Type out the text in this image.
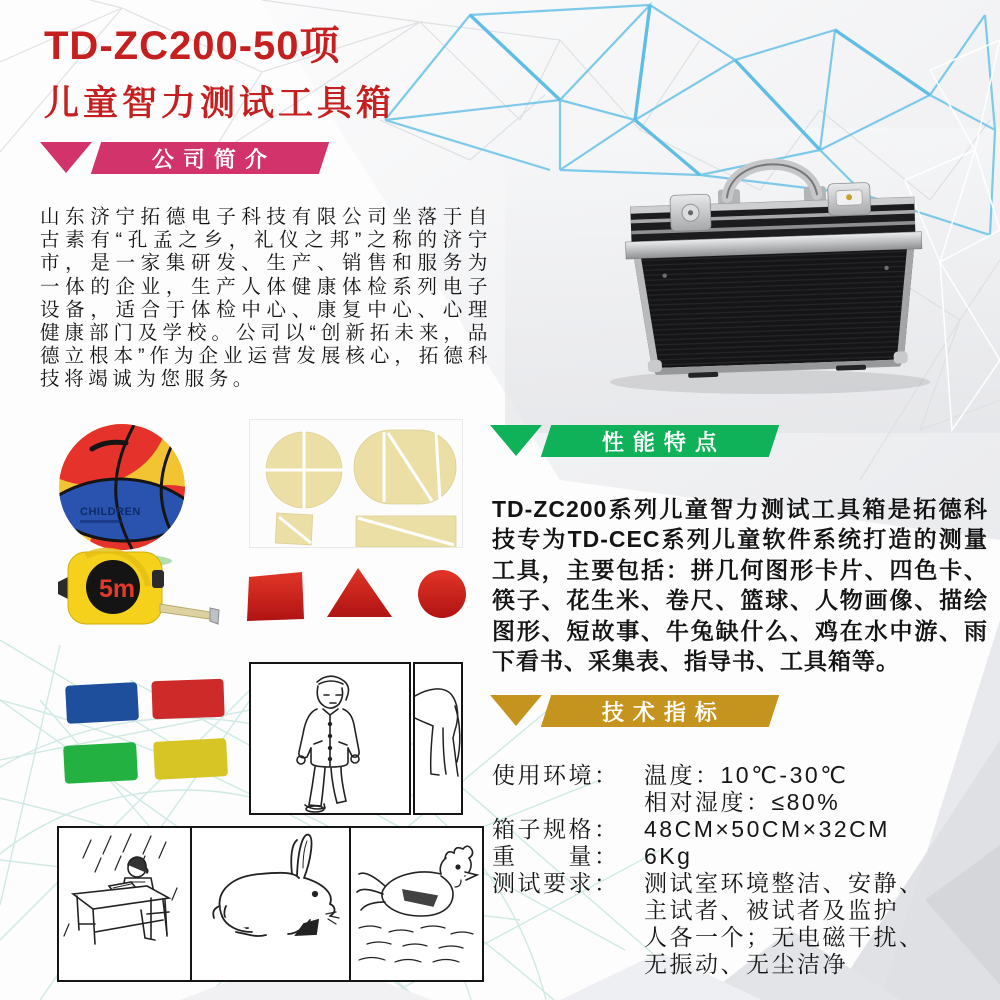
TD-ZC200-50项
儿童智力测试工具箱
公司简介
山东济宁拓德电子科技有限公司坐落于自古素有“孔孟之乡，礼仪之邦”之称的济宁市，是一家集研发、生产、销售和服务为一体的企业，生产人体健康体检系列电子设备，适合于体检中心、康复中心、心理健康部门及学校。公司以“创新拓未来，品德立根本”作为企业运营发展核心，拓德科技将竭诚为您服务。
CHILDREN
5m
性能特点
TD-ZC200系列儿童智力测试工具箱是拓德科技专为TD-CEC系列儿童软件系统打造的测量工具，主要包括：拼几何图形卡片、四色卡、筷子、花生米、卷尺、篮球、人物画像、描绘图形、短故事、牛兔缺什么、鸡在水中游、雨下看书、采集表、指导书、工具箱等。
技术指标
使用环境：	温度：10℃-30℃
相对湿度：≤80%
箱子规格：	48CM×50CM×32CM
重　　量：	6Kg
测试要求：	测试室环境整洁、安静、
主试者、被试者及监护
人各一个；无电磁干扰、
无振动、无尘洁净
